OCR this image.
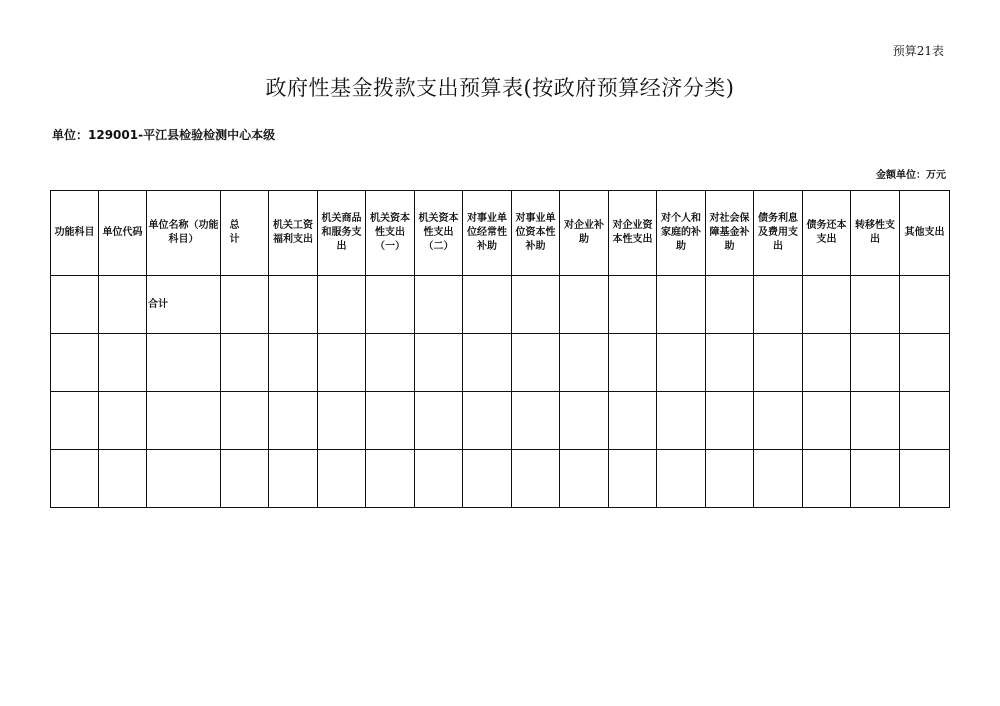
预算21表
政府性基金拨款支出预算表(按政府预算经济分类)
单位：129001-平江县检验检测中心本级
金额单位：万元
功能科目	单位代码	单位名称（功能科目）	总 计	机关工资福利支出	机关商品和服务支出	机关资本性支出（一）	机关资本性支出（二）	对事业单位经常性补助	对事业单位资本性补助	对企业补助	对企业资本性支出	对个人和家庭的补助	对社会保障基金补助	债务利息及费用支出	债务还本支出	转移性支出	其他支出
		合计															
